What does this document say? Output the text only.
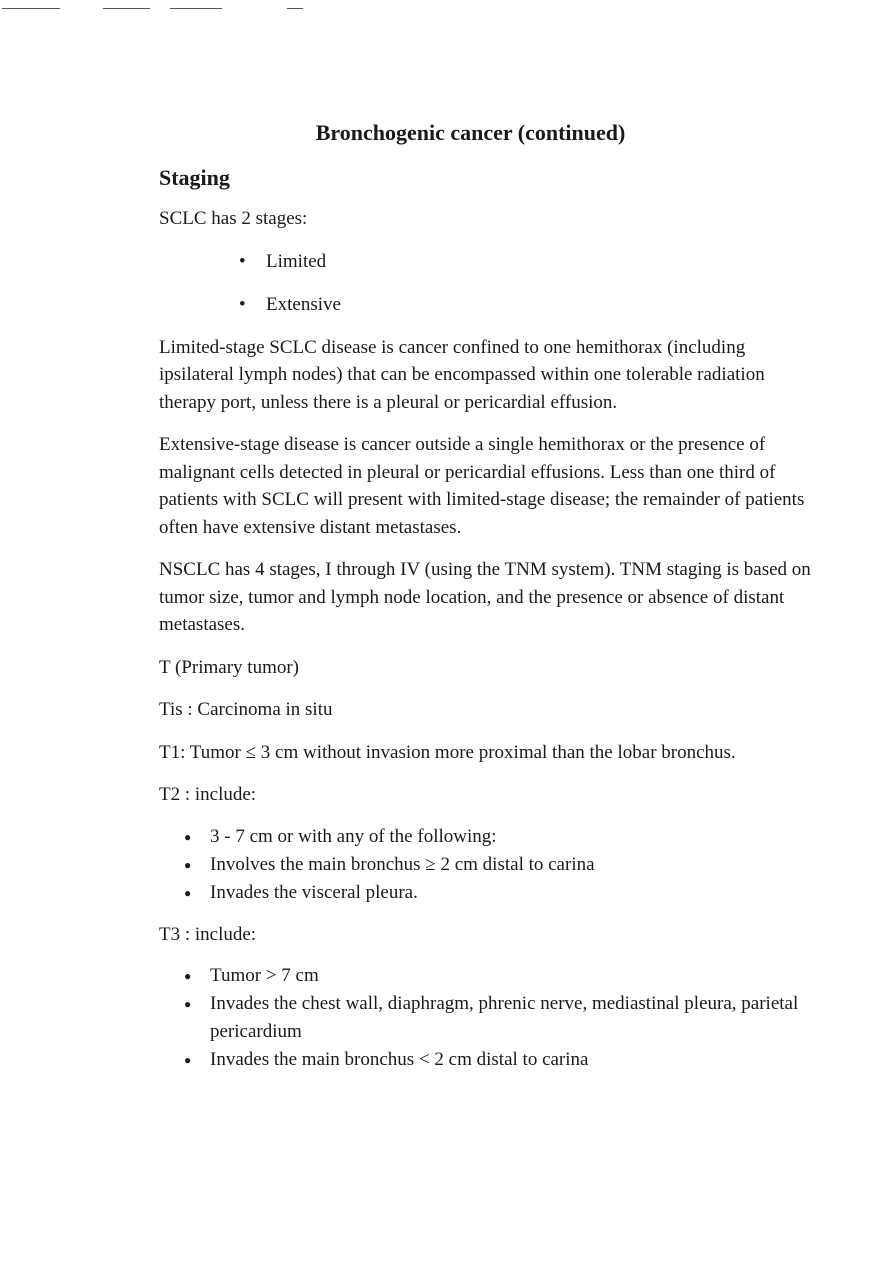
Bronchogenic cancer (continued)
Staging

SCLC has 2 stages:

• Limited
• Extensive

Limited-stage SCLC disease is cancer confined to one hemithorax (including ipsilateral lymph nodes) that can be encompassed within one tolerable radiation therapy port, unless there is a pleural or pericardial effusion.

Extensive-stage disease is cancer outside a single hemithorax or the presence of malignant cells detected in pleural or pericardial effusions. Less than one third of patients with SCLC will present with limited-stage disease; the remainder of patients often have extensive distant metastases.

NSCLC has 4 stages, I through IV (using the TNM system). TNM staging is based on tumor size, tumor and lymph node location, and the presence or absence of distant metastases.

T (Primary tumor)

Tis : Carcinoma in situ

T1: Tumor ≤ 3 cm without invasion more proximal than the lobar bronchus.

T2 : include:

● 3 - 7 cm or with any of the following:
● Involves the main bronchus ≥ 2 cm distal to carina
● Invades the visceral pleura.

T3 : include:

● Tumor > 7 cm
● Invades the chest wall, diaphragm, phrenic nerve, mediastinal pleura, parietal pericardium
● Invades the main bronchus < 2 cm distal to carina
